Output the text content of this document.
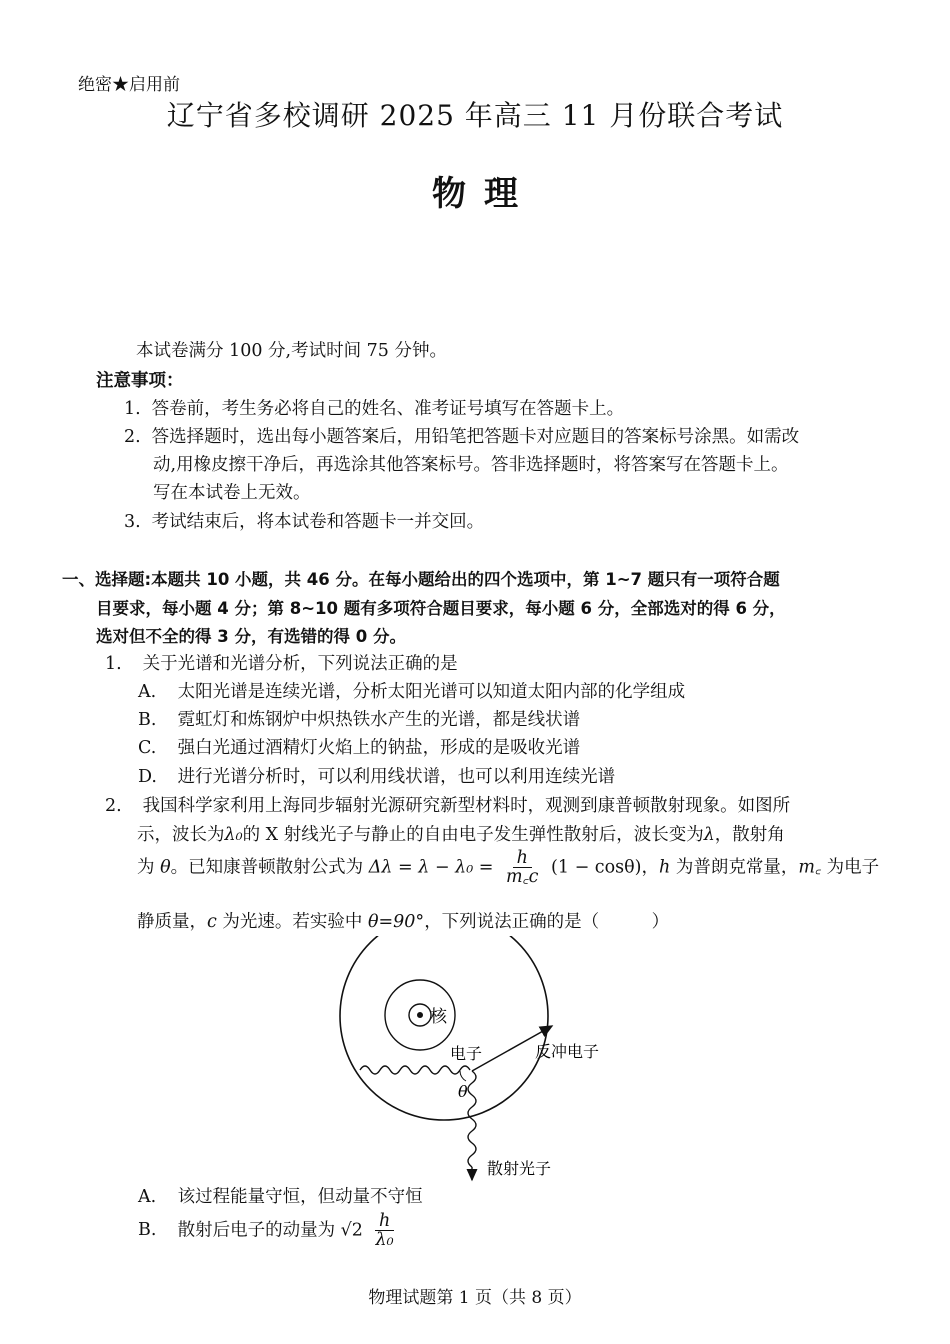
绝密★启用前
辽宁省多校调研 2025 年高三 11 月份联合考试
物理
本试卷满分 100 分,考试时间 75 分钟。
注意事项：
1. 答卷前，考生务必将自己的姓名、准考证号填写在答题卡上。
2. 答选择题时，选出每小题答案后，用铅笔把答题卡对应题目的答案标号涂黑。如需改
动,用橡皮擦干净后，再选涂其他答案标号。答非选择题时，将答案写在答题卡上。
写在本试卷上无效。
3. 考试结束后，将本试卷和答题卡一并交回。
一、选择题:本题共 10 小题，共 46 分。在每小题给出的四个选项中，第 1~7 题只有一项符合题
目要求，每小题 4 分；第 8~10 题有多项符合题目要求，每小题 6 分，全部选对的得 6 分，
选对但不全的得 3 分，有选错的得 0 分。
1. 关于光谱和光谱分析，下列说法正确的是
A. 太阳光谱是连续光谱，分析太阳光谱可以知道太阳内部的化学组成
B. 霓虹灯和炼钢炉中炽热铁水产生的光谱，都是线状谱
C. 强白光通过酒精灯火焰上的钠盐，形成的是吸收光谱
D. 进行光谱分析时，可以利用线状谱，也可以利用连续光谱
2. 我国科学家利用上海同步辐射光源研究新型材料时，观测到康普顿散射现象。如图所
示，波长为λ₀的 X 射线光子与静止的自由电子发生弹性散射后，波长变为λ，散射角
为 θ。已知康普顿散射公式为 $\Delta\lambda = \lambda - \lambda_0 = \frac{h}{m꜀c} (1 - \cos\theta)$，h 为普朗克常量，m꜀ 为电子
静质量，c 为光速。若实验中 θ=90°，下列说法正确的是（　　　）
核
电子	反冲电子
散射光子
θ
A. 该过程能量守恒，但动量不守恒
B. 散射后电子的动量为 $√2 \frac{h}{\text{λ₀}}$
物理试题第 1 页（共 8 页）
